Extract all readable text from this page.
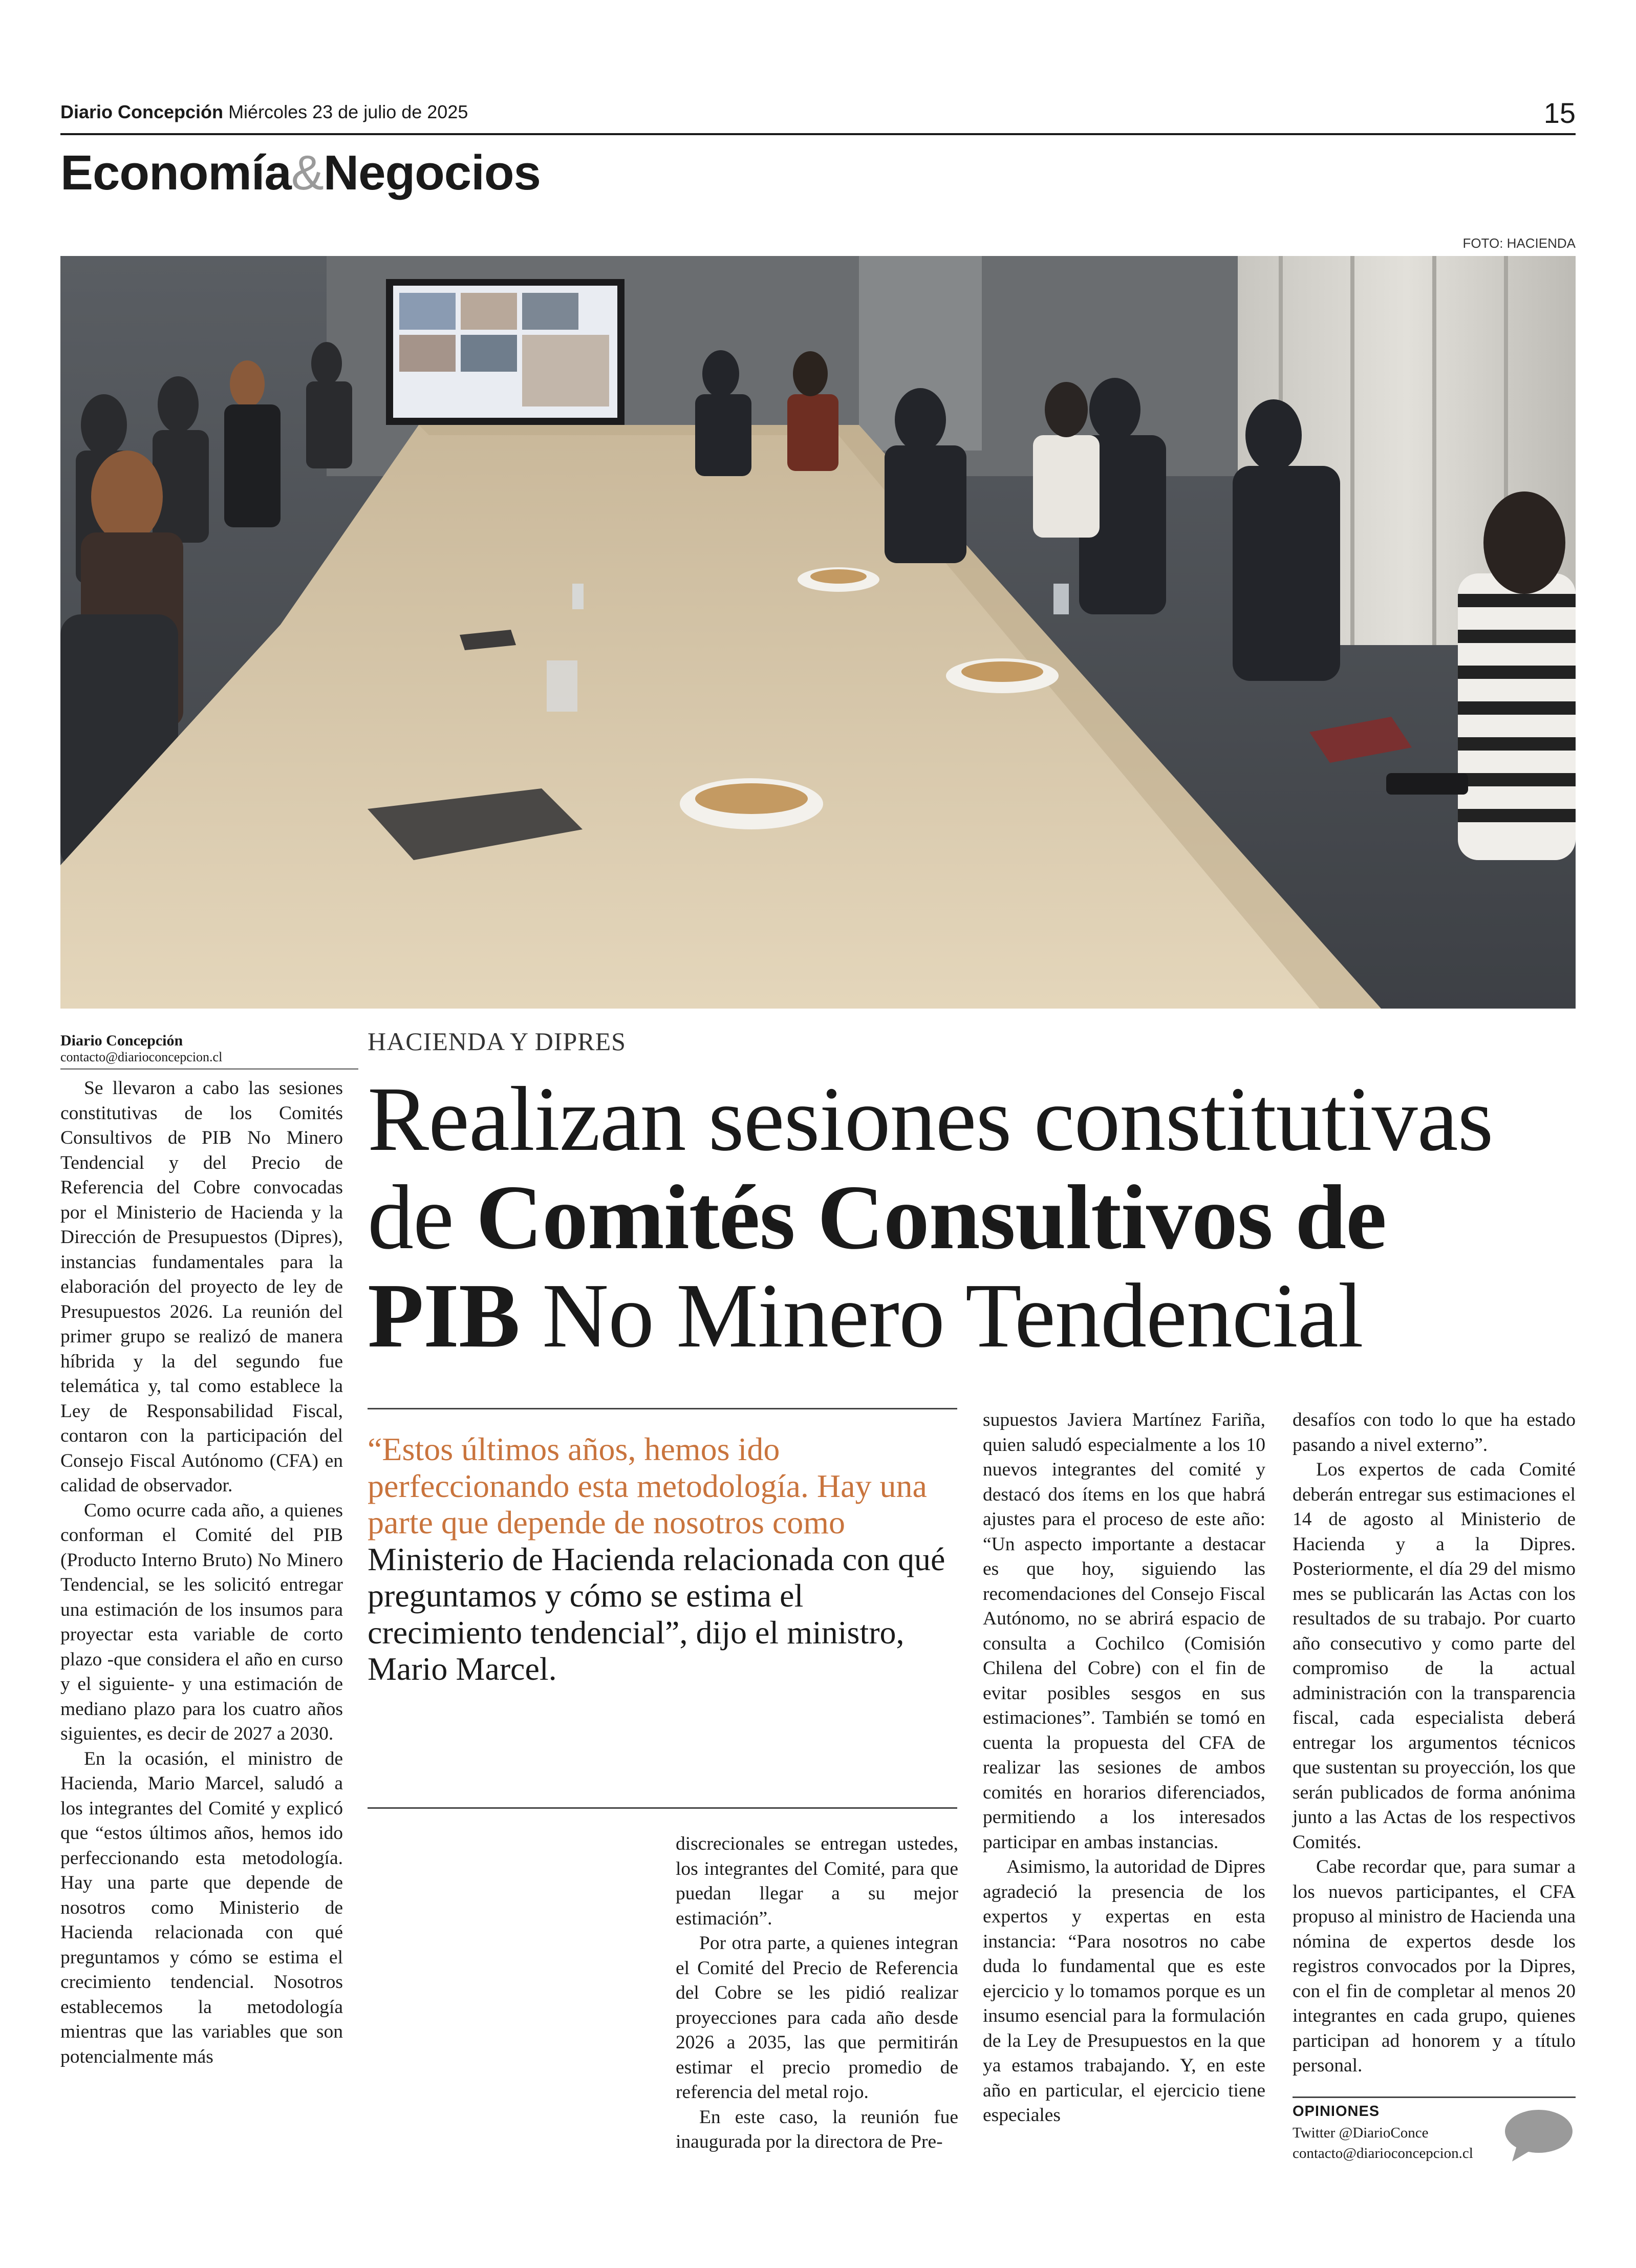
Diario Concepción Miércoles 23 de julio de 2025	15
Economía&Negocios
FOTO: HACIENDA
Diario Concepción
contacto@diarioconcepcion.cl
HACIENDA Y DIPRES
Realizan sesiones constitutivas
de Comités Consultivos de
PIB No Minero Tendencial

Se llevaron a cabo las sesiones constitutivas de los Comités Consultivos de PIB No Minero Tendencial y del Precio de Referencia del Cobre convocadas por el Ministerio de Hacienda y la Dirección de Presupuestos (Dipres), instancias fundamentales para la elaboración del proyecto de ley de Presupuestos 2026. La reunión del primer grupo se realizó de manera híbrida y la del segundo fue telemática y, tal como establece la Ley de Responsabilidad Fiscal, contaron con la participación del Consejo Fiscal Autónomo (CFA) en calidad de observador.

Como ocurre cada año, a quienes conforman el Comité del PIB (Producto Interno Bruto) No Minero Tendencial, se les solicitó entregar una estimación de los insumos para proyectar esta variable de corto plazo -que considera el año en curso y el siguiente- y una estimación de mediano plazo para los cuatro años siguientes, es decir de 2027 a 2030.

En la ocasión, el ministro de Hacienda, Mario Marcel, saludó a los integrantes del Comité y explicó que “estos últimos años, hemos ido perfeccionando esta metodología. Hay una parte que depende de nosotros como Ministerio de Hacienda relacionada con qué preguntamos y cómo se estima el crecimiento tendencial. Nosotros establecemos la metodología mientras que las variables que son potencialmente más

“Estos últimos años, hemos ido perfeccionando esta metodología. Hay una parte que depende de nosotros como Ministerio de Hacienda relacionada con qué preguntamos y cómo se estima el crecimiento tendencial”, dijo el ministro, Mario Marcel.

discrecionales se entregan ustedes, los integrantes del Comité, para que puedan llegar a su mejor estimación”.

Por otra parte, a quienes integran el Comité del Precio de Referencia del Cobre se les pidió realizar proyecciones para cada año desde 2026 a 2035, las que permitirán estimar el precio promedio de referencia del metal rojo.

En este caso, la reunión fue inaugurada por la directora de Pre-

supuestos Javiera Martínez Fariña, quien saludó especialmente a los 10 nuevos integrantes del comité y destacó dos ítems en los que habrá ajustes para el proceso de este año: “Un aspecto importante a destacar es que hoy, siguiendo las recomendaciones del Consejo Fiscal Autónomo, no se abrirá espacio de consulta a Cochilco (Comisión Chilena del Cobre) con el fin de evitar posibles sesgos en sus estimaciones”. También se tomó en cuenta la propuesta del CFA de realizar las sesiones de ambos comités en horarios diferenciados, permitiendo a los interesados participar en ambas instancias.

Asimismo, la autoridad de Dipres agradeció la presencia de los expertos y expertas en esta instancia: “Para nosotros no cabe duda lo fundamental que es este ejercicio y lo tomamos porque es un insumo esencial para la formulación de la Ley de Presupuestos en la que ya estamos trabajando. Y, en este año en particular, el ejercicio tiene especiales

desafíos con todo lo que ha estado pasando a nivel externo”.

Los expertos de cada Comité deberán entregar sus estimaciones el 14 de agosto al Ministerio de Hacienda y a la Dipres. Posteriormente, el día 29 del mismo mes se publicarán las Actas con los resultados de su trabajo. Por cuarto año consecutivo y como parte del compromiso de la actual administración con la transparencia fiscal, cada especialista deberá entregar los argumentos técnicos que sustentan su proyección, los que serán publicados de forma anónima junto a las Actas de los respectivos Comités.

Cabe recordar que, para sumar a los nuevos participantes, el CFA propuso al ministro de Hacienda una nómina de expertos desde los registros convocados por la Dipres, con el fin de completar al menos 20 integrantes en cada grupo, quienes participan ad honorem y a título personal.

OPINIONES
Twitter @DiarioConce
contacto@diarioconcepcion.cl
